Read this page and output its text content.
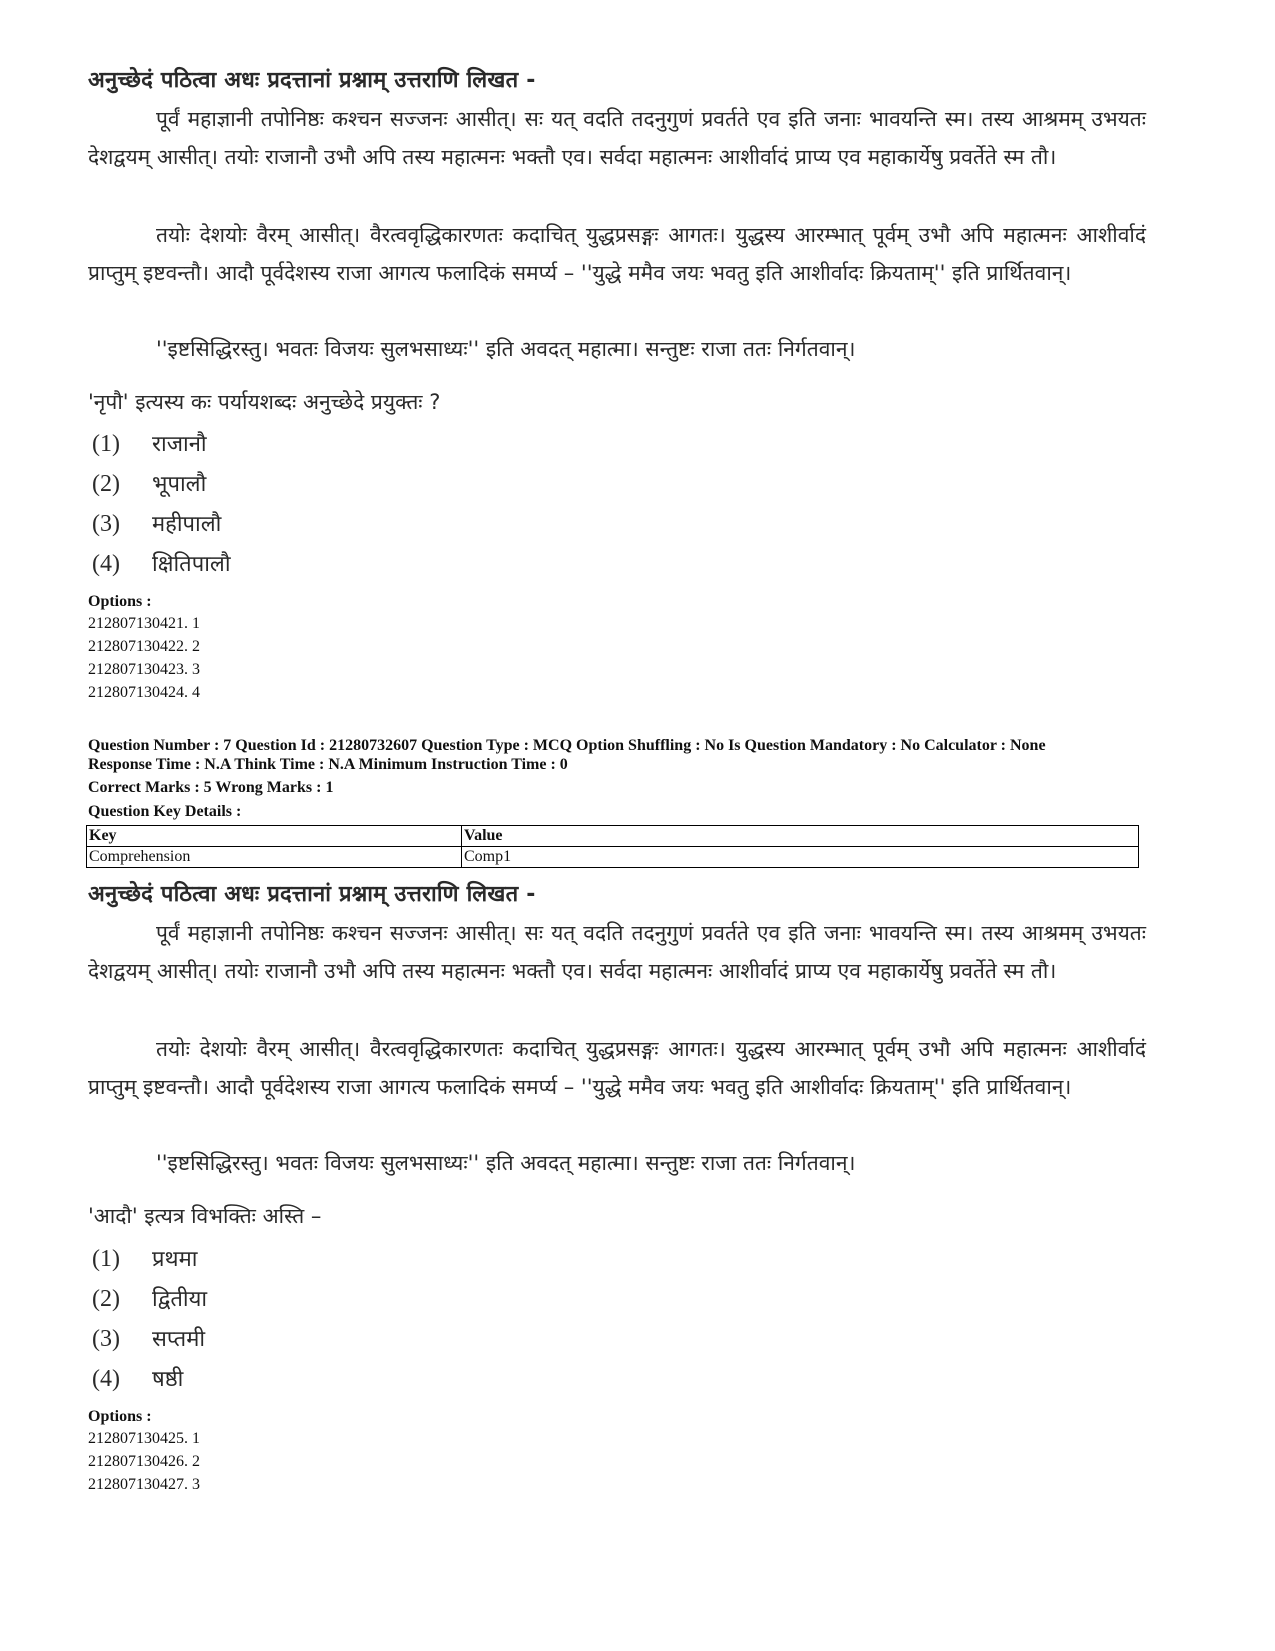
अनुच्छेदं पठित्वा अधः प्रदत्तानां प्रश्नाम् उत्तराणि लिखत -
पूर्वं महाज्ञानी तपोनिष्ठः कश्चन सज्जनः आसीत्। सः यत् वदति तदनुगुणं प्रवर्तते एव इति जनाः भावयन्ति स्म। तस्य आश्रमम् उभयतः देशद्वयम् आसीत्। तयोः राजानौ उभौ अपि तस्य महात्मनः भक्तौ एव। सर्वदा महात्मनः आशीर्वादं प्राप्य एव महाकार्येषु प्रवर्तेते स्म तौ।
तयोः देशयोः वैरम् आसीत्। वैरत्ववृद्धिकारणतः कदाचित् युद्धप्रसङ्गः आगतः। युद्धस्य आरम्भात् पूर्वम् उभौ अपि महात्मनः आशीर्वादं प्राप्तुम् इष्टवन्तौ। आदौ पूर्वदेशस्य राजा आगत्य फलादिकं समर्प्य – ''युद्धे ममैव जयः भवतु इति आशीर्वादः क्रियताम्'' इति प्रार्थितवान्।
''इष्टसिद्धिरस्तु। भवतः विजयः सुलभसाध्यः'' इति अवदत् महात्मा। सन्तुष्टः राजा ततः निर्गतवान्।
'नृपौ' इत्यस्य कः पर्यायशब्दः अनुच्छेदे प्रयुक्तः ?
(1) राजानौ
(2) भूपालौ
(3) महीपालौ
(4) क्षितिपालौ
Options :
212807130421. 1
212807130422. 2
212807130423. 3
212807130424. 4
Question Number : 7 Question Id : 21280732607 Question Type : MCQ Option Shuffling : No Is Question Mandatory : No Calculator : None
Response Time : N.A Think Time : N.A Minimum Instruction Time : 0
Correct Marks : 5 Wrong Marks : 1
Question Key Details :
Key	Value
Comprehension	Comp1
अनुच्छेदं पठित्वा अधः प्रदत्तानां प्रश्नाम् उत्तराणि लिखत -
पूर्वं महाज्ञानी तपोनिष्ठः कश्चन सज्जनः आसीत्। सः यत् वदति तदनुगुणं प्रवर्तते एव इति जनाः भावयन्ति स्म। तस्य आश्रमम् उभयतः देशद्वयम् आसीत्। तयोः राजानौ उभौ अपि तस्य महात्मनः भक्तौ एव। सर्वदा महात्मनः आशीर्वादं प्राप्य एव महाकार्येषु प्रवर्तेते स्म तौ।
तयोः देशयोः वैरम् आसीत्। वैरत्ववृद्धिकारणतः कदाचित् युद्धप्रसङ्गः आगतः। युद्धस्य आरम्भात् पूर्वम् उभौ अपि महात्मनः आशीर्वादं प्राप्तुम् इष्टवन्तौ। आदौ पूर्वदेशस्य राजा आगत्य फलादिकं समर्प्य – ''युद्धे ममैव जयः भवतु इति आशीर्वादः क्रियताम्'' इति प्रार्थितवान्।
''इष्टसिद्धिरस्तु। भवतः विजयः सुलभसाध्यः'' इति अवदत् महात्मा। सन्तुष्टः राजा ततः निर्गतवान्।
'आदौ' इत्यत्र विभक्तिः अस्ति –
(1) प्रथमा
(2) द्वितीया
(3) सप्तमी
(4) षष्ठी
Options :
212807130425. 1
212807130426. 2
212807130427. 3
